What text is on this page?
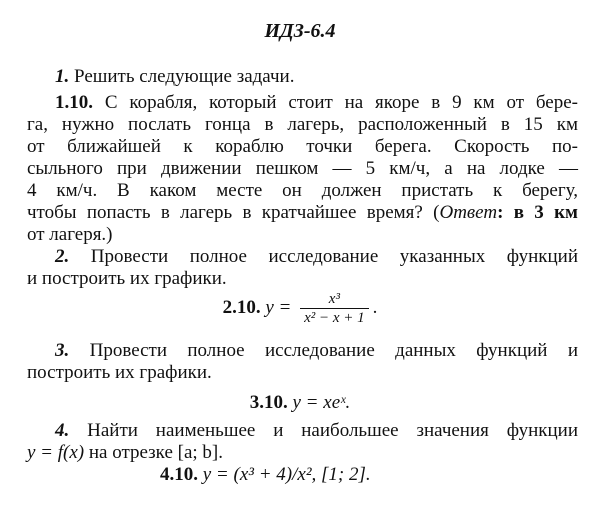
ИДЗ-6.4
1. Решить следующие задачи.
1.10. С корабля, который стоит на якоре в 9 км от бере-
га, нужно послать гонца в лагерь, расположенный в 15 км
от ближайшей к кораблю точки берега. Скорость по-
сыльного при движении пешком — 5 км/ч, а на лодке —
4 км/ч. В каком месте он должен пристать к берегу,
чтобы попасть в лагерь в кратчайшее время? (Ответ: в 3 км
от лагеря.)
2. Провести полное исследование указанных функций
и построить их графики.
2.10. $y = \frac{\text{x³}}{\text{x² − x + 1}}$ .
3. Провести полное исследование данных функций и
построить их графики.
3.10. y = xeˣ.
4. Найти наименьшее и наибольшее значения функции
y = f(x) на отрезке [a; b].
4.10. y = (x³ + 4)/x², [1; 2].
